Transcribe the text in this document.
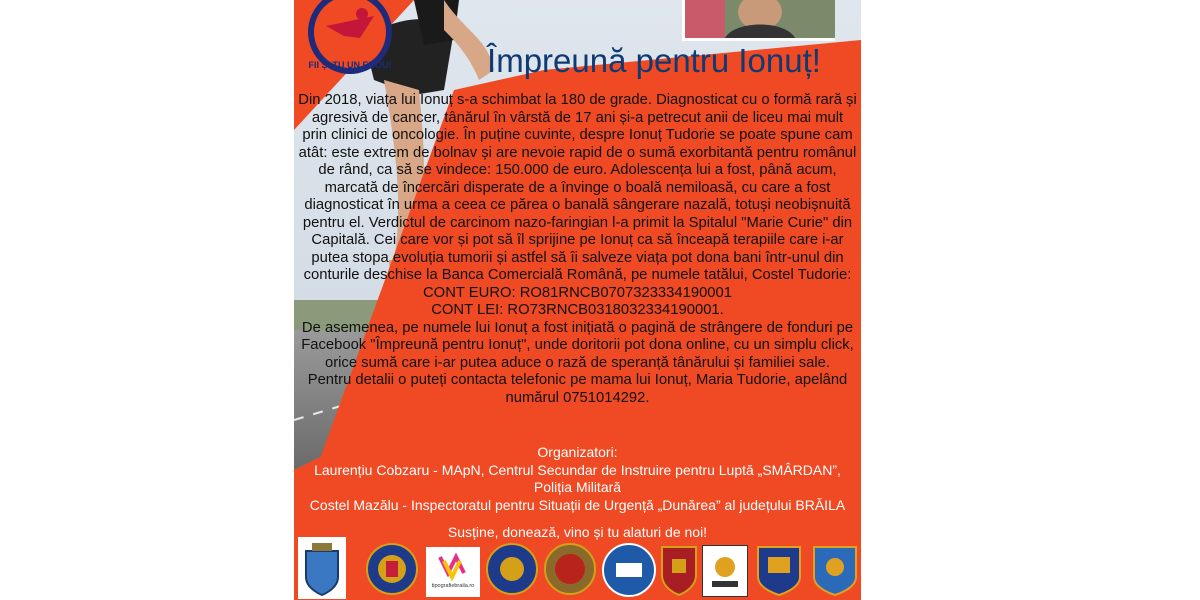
FII ȘI TU UN EROU!	Împreună pentru Ionuț!

Din 2018, viața lui Ionuț s-a schimbat la 180 de grade. Diagnosticat cu o formă rară și agresivă de cancer, tânărul în vârstă de 17 ani și-a petrecut anii de liceu mai mult prin clinici de oncologie. În puține cuvinte, despre Ionuț Tudorie se poate spune cam atât: este extrem de bolnav și are nevoie rapid de o sumă exorbitantă pentru românul de rând, ca să se vindece: 150.000 de euro. Adolescența lui a fost, până acum, marcată de încercări disperate de a învinge o boală nemiloasă, cu care a fost diagnosticat în urma a ceea ce părea o banală sângerare nazală, totuși neobișnuită pentru el. Verdictul de carcinom nazo-faringian l-a primit la Spitalul "Marie Curie" din Capitală. Cei care vor și pot să îl sprijine pe Ionuț ca să înceapă terapiile care i-ar putea stopa evoluția tumorii și astfel să îi salveze viața pot dona bani într-unul din conturile deschise la Banca Comercială Română, pe numele tatălui, Costel Tudorie:

CONT EURO: RO81RNCB0707323334190001

CONT LEI: RO73RNCB0318032334190001.

De asemenea, pe numele lui Ionuț a fost inițiată o pagină de strângere de fonduri pe Facebook "Împreună pentru Ionuț", unde doritorii pot dona online, cu un simplu click, orice sumă care i-ar putea aduce o rază de speranță tânărului și familiei sale.

Pentru detalii o puteți contacta telefonic pe mama lui Ionuț, Maria Tudorie, apelând numărul 0751014292.

Organizatori:

Laurențiu Cobzaru - MApN, Centrul Secundar de Instruire pentru Luptă „SMÂRDAN”, Poliția Militară

Costel Mazălu - Inspectoratul pentru Situații de Urgență „Dunărea” al județului BRĂILA

Susține, donează, vino și tu alaturi de noi!
tipografiebraila.ro
